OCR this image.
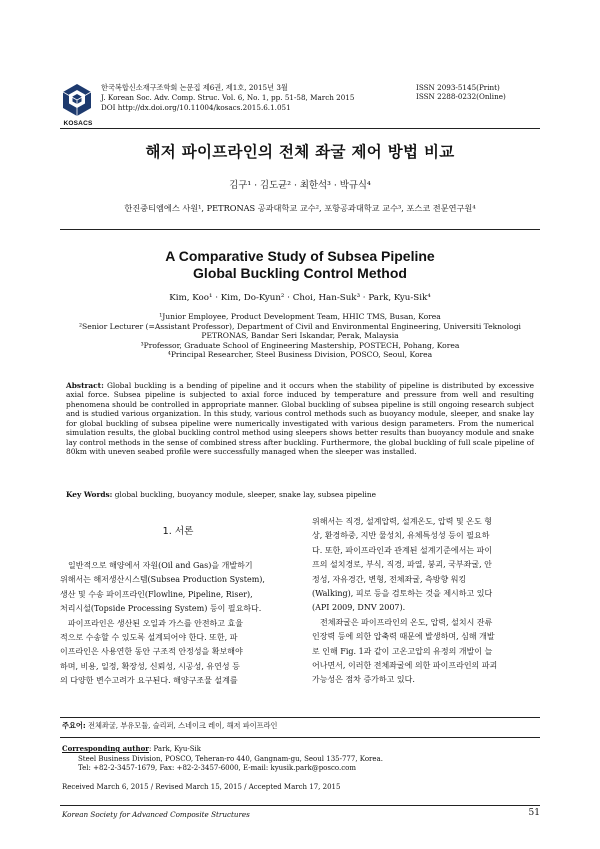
KOSACS
한국복합신소재구조학회 논문집 제6권, 제1호, 2015년 3월
J. Korean Soc. Adv. Comp. Struc. Vol. 6, No. 1, pp. 51-58, March 2015
DOI http://dx.doi.org/10.11004/kosacs.2015.6.1.051
ISSN 2093-5145(Print)
ISSN 2288-0232(Online)
해저 파이프라인의 전체 좌굴 제어 방법 비교
김구¹ · 김도균² · 최한석³ · 박규식⁴
한진중티엠에스 사원¹, PETRONAS 공과대학교 교수², 포항공과대학교 교수³, 포스코 전문연구원⁴
A Comparative Study of Subsea Pipeline
Global Buckling Control Method
Kim, Koo¹ · Kim, Do-Kyun² · Choi, Han-Suk³ · Park, Kyu-Sik⁴
¹Junior Employee, Product Development Team, HHIC TMS, Busan, Korea
²Senior Lecturer (=Assistant Professor), Department of Civil and Environmental Engineering, Universiti Teknologi
PETRONAS, Bandar Seri Iskandar, Perak, Malaysia
³Professor, Graduate School of Engineering Mastership, POSTECH, Pohang, Korea
⁴Principal Researcher, Steel Business Division, POSCO, Seoul, Korea
Abstract: Global buckling is a bending of pipeline and it occurs when the stability of pipeline is distributed by excessive axial force. Subsea pipeline is subjected to axial force induced by temperature and pressure from well and resulting phenomena should be controlled in appropriate manner. Global buckling of subsea pipeline is still ongoing research subject and is studied various organization. In this study, various control methods such as buoyancy module, sleeper, and snake lay for global buckling of subsea pipeline were numerically investigated with various design parameters. From the numerical simulation results, the global buckling control method using sleepers shows better results than buoyancy module and snake lay control methods in the sense of combined stress after buckling. Furthermore, the global buckling of full scale pipeline of 80km with uneven seabed profile were successfully managed when the sleeper was installed.
Key Words: global buckling, buoyancy module, sleeper, snake lay, subsea pipeline
1. 서론
일반적으로 해양에서 자원(Oil and Gas)을 개발하기
위해서는 해저생산시스템(Subsea Production System),
생산 및 수송 파이프라인(Flowline, Pipeline, Riser),
처리시설(Topside Processing System) 등이 필요하다.
파이프라인은 생산된 오일과 가스를 안전하고 효율
적으로 수송할 수 있도록 설계되어야 한다. 또한, 파
이프라인은 사용연한 동안 구조적 안정성을 확보해야
하며, 비용, 일정, 확장성, 신뢰성, 시공성, 유연성 등
의 다양한 변수고려가 요구된다. 해양구조물 설계를
위해서는 직경, 설계압력, 설계온도, 압력 및 온도 형
상, 환경하중, 지반 물성치, 유체특성성 등이 필요하
다. 또한, 파이프라인과 관계된 설계기준에서는 파이
프의 설치경로, 부식, 직경, 파열, 붕괴, 국부좌굴, 안
정성, 자유경간, 변형, 전체좌굴, 측방향 워킹
(Walking), 피로 등을 검토하는 것을 제시하고 있다
(API 2009, DNV 2007).
전체좌굴은 파이프라인의 온도, 압력, 설치시 잔류
인장력 등에 의한 압축력 때문에 발생하며, 심해 개발
로 인해 Fig. 1과 같이 고온고압의 유정의 개발이 늘
어나면서, 이러한 전체좌굴에 의한 파이프라인의 파괴
가능성은 점차 증가하고 있다.
주요어: 전체좌굴, 부유모듈, 슬리퍼, 스네이크 레이, 해저 파이프라인
Corresponding author: Park, Kyu-Sik
Steel Business Division, POSCO, Teheran-ro 440, Gangnam-gu, Seoul 135-777, Korea.
Tel: +82-2-3457-1679, Fax: +82-2-3457-6000, E-mail: kyusik.park@posco.com
Received March 6, 2015 / Revised March 15, 2015 / Accepted March 17, 2015
Korean Society for Advanced Composite Structures	51
